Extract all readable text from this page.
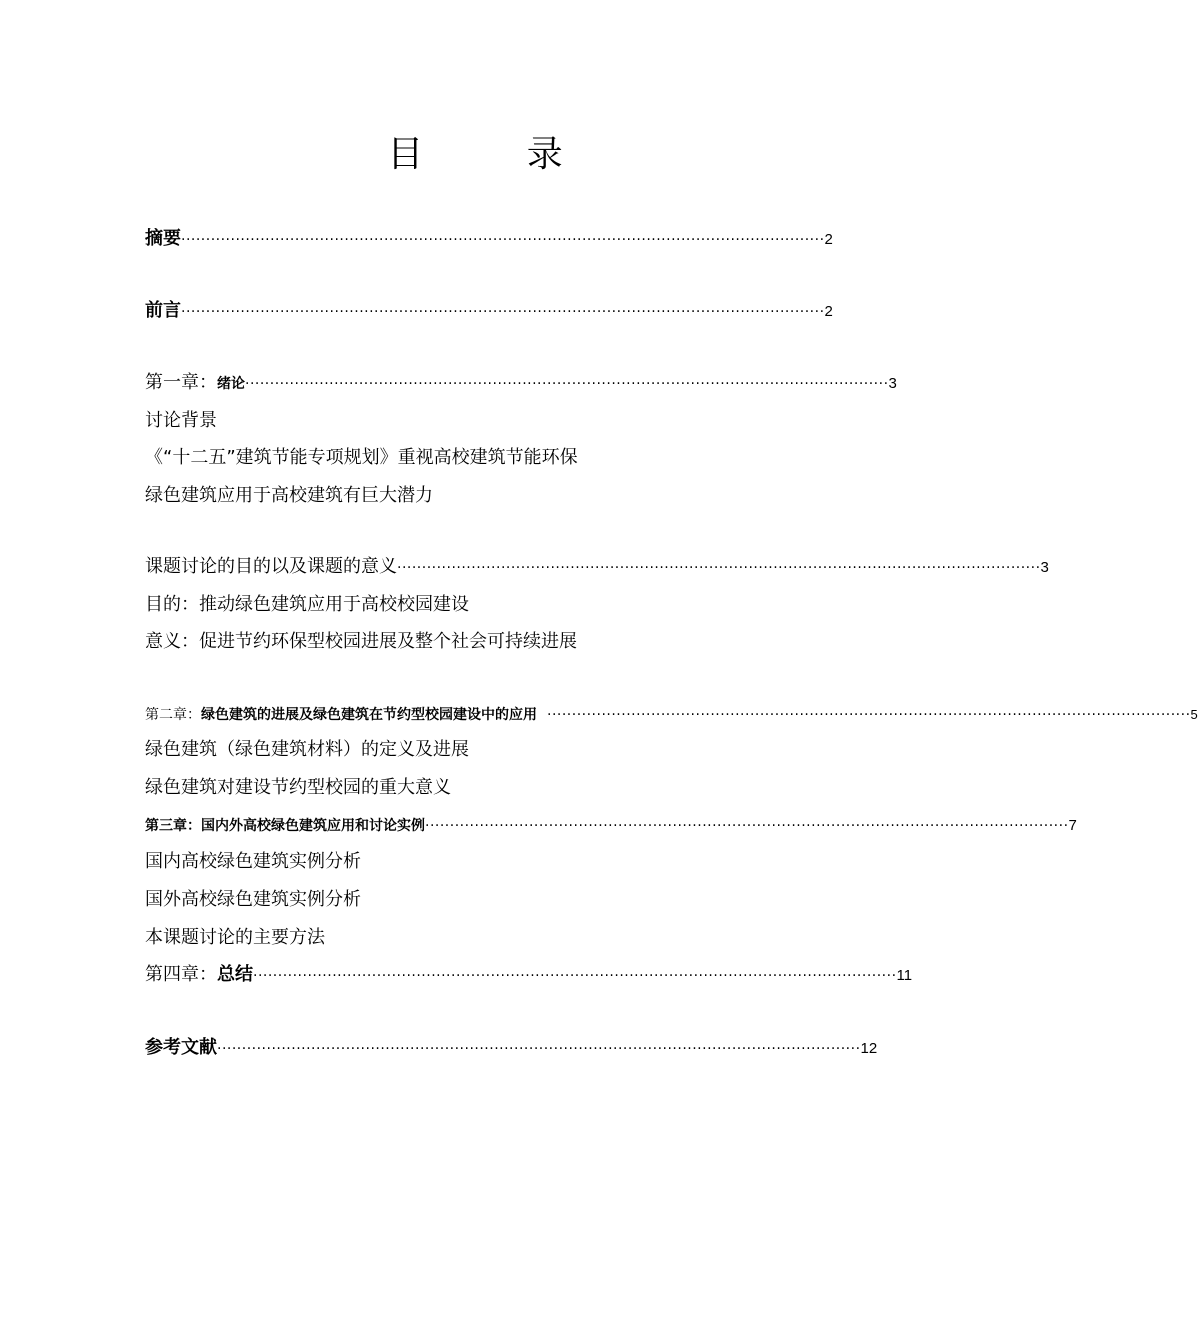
目 录
摘要 ·································································································································· 2
前言 ·································································································································· 2
第一章： 绪论 ·································································································································· 3
讨论背景
《“十二五”建筑节能专项规划》重视高校建筑节能环保
绿色建筑应用于高校建筑有巨大潜力
课题讨论的目的以及课题的意义 ·································································································································· 3
目的：推动绿色建筑应用于高校校园建设
意义：促进节约环保型校园进展及整个社会可持续进展
第二章： 绿色建筑的进展及绿色建筑在节约型校园建设中的应用 ·································································································································· 5
绿色建筑（绿色建筑材料）的定义及进展
绿色建筑对建设节约型校园的重大意义
第三章： 国内外高校绿色建筑应用和讨论实例 ·································································································································· 7
国内高校绿色建筑实例分析
国外高校绿色建筑实例分析
本课题讨论的主要方法
第四章： 总结 ·································································································································· 11
参考文献 ·································································································································· 12
